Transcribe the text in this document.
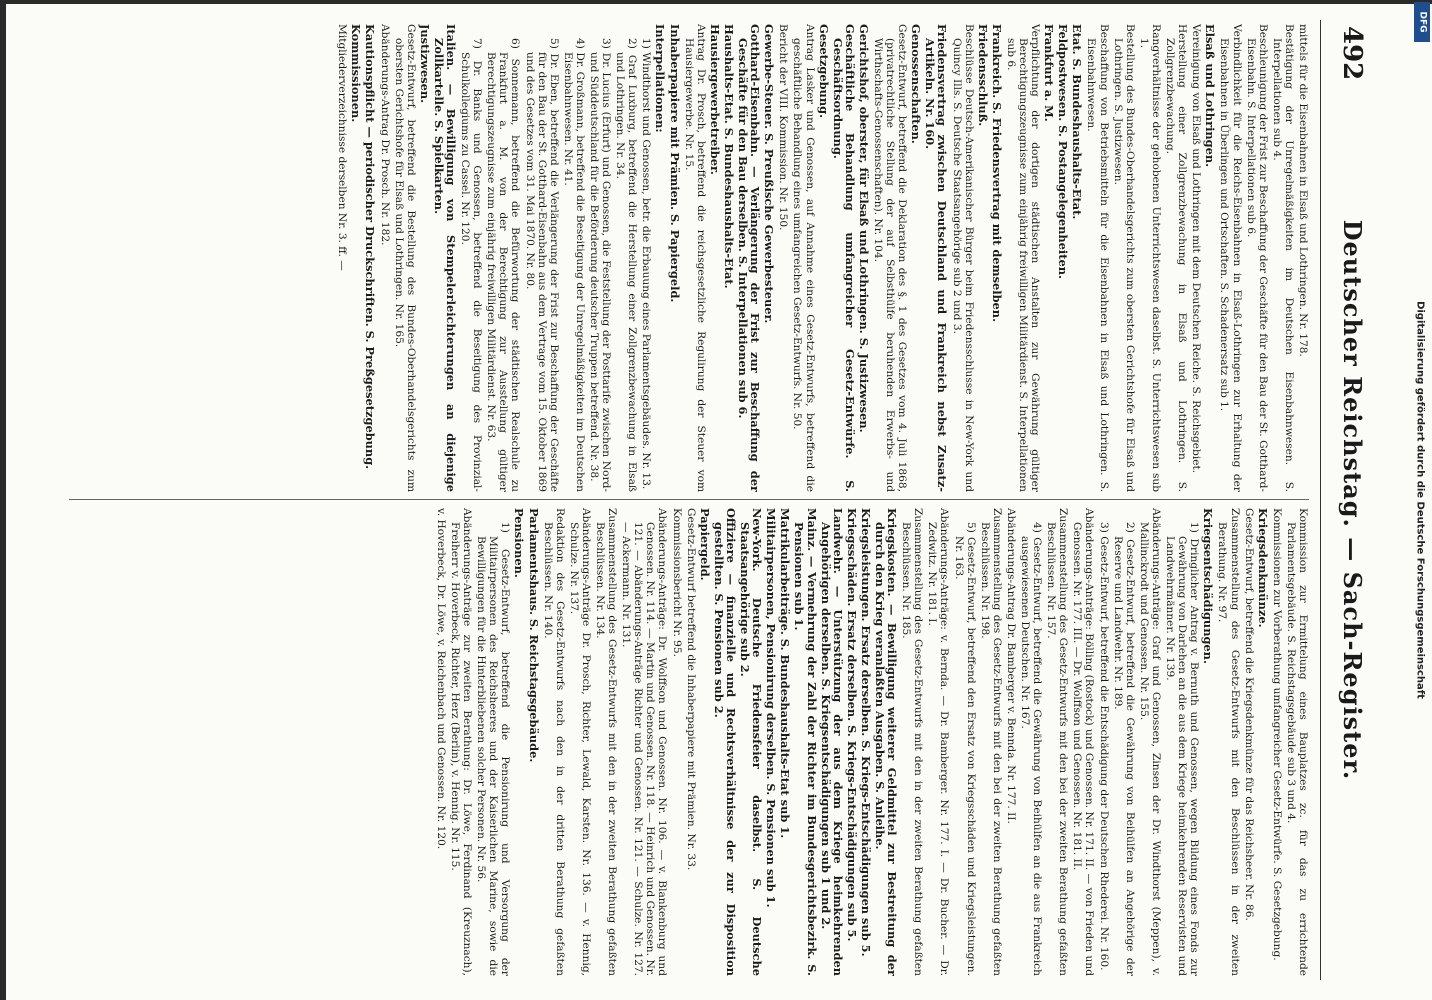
DFG
Digitalisierung gefördert durch die Deutsche Forschungsgemeinschaft
492
Deutscher Reichstag. — Sach-Register.

mittels für die Eisenbahnen in Elsaß und Lothringen. Nr. 178.

Bestätigung der Unregelmäßigkeiten im Deutschen Eisenbahnwesen. S. Interpellationen sub 4.

Beschleunigung der Frist zur Beschaffung der Geschäfte für den Bau der St. Gotthard-Eisenbahn. S. Interpellationen sub 6.

Verbindlichkeit für die Reichs-Eisenbahnen in Elsaß-Lothringen zur Erhaltung der Eisenbahnen in Überlingen und Ortschaften. S. Schadenersatz sub 1.

Elsaß und Lothringen.

Vereinigung von Elsaß und Lothringen mit dem Deutschen Reiche. S. Reichsgebiet.

Herstellung einer Zollgrenzbewachung in Elsaß und Lothringen. S. Zollgrenzbewachung.

Rangverhältnisse der gehobenen Unterrichtswesen daselbst. S. Unterrichtswesen sub 1.

Bestellung des Bundes-Oberhandelsgerichts zum obersten Gerichtshofe für Elsaß und Lothringen. S. Justizwesen.

Beschaffung von Betriebsmitteln für die Eisenbahnen in Elsaß und Lothringen. S. Eisenbahnwesen.

Etat. S. Bundeshaushalts-Etat.

Feldpostwesen. S. Postangelegenheiten.

Frankfurt a. M.

Verpflichtung der dortigen städtischen Anstalten zur Gewährung gültiger Berechtigungszeugnisse zum einjährig freiwilligen Militärdienst. S. Interpellationen sub 6.

Frankreich. S. Friedensvertrag mit demselben.

Friedensschluß.

Beschlüsse Deutsch-Amerikanischer Bürger beim Friedensschlusse in New-York und Quincy Ills. S. Deutsche Staatsangehörige sub 2 und 3.

Friedensvertrag zwischen Deutschland und Frankreich nebst Zusatz-Artikeln. Nr. 160.

Genossenschaften.

Gesetz-Entwurf, betreffend die Deklaration des §. 1 des Gesetzes vom 4. Juli 1868, (privatrechtliche Stellung der auf Selbsthülfe beruhenden Erwerbs- und Wirthschafts-Genossenschaften). Nr. 104.

Gerichtshof, oberster, für Elsaß und Lothringen. S. Justizwesen.

Geschäftliche Behandlung umfangreicher Gesetz-Entwürfe. S. Geschäftsordnung.

Gesetzgebung.

Antrag Lasker und Genossen, auf Annahme eines Gesetz-Entwurfs, betreffend die geschäftliche Behandlung eines umfangreichen Gesetz-Entwurfs. Nr. 50.

Bericht der VIII. Kommission. Nr. 150.

Gewerbe-Steuer. S. Preußische Gewerbesteuer.

Gotthard-Eisenbahn. — Verlängerung der Frist zur Beschaffung der Geschäfte für den Bau derselben. S. Interpellationen sub 6.

Haushalts-Etat. S. Bundeshaushalts-Etat.

Hausiergewerbetreiber.

Antrag Dr. Prosch, betreffend die reichsgesetzliche Regulirung der Steuer vom Hausiergewerbe. Nr. 15.

Inhaberpapiere mit Prämien. S. Papiergeld.

Interpellationen:

1) Windthorst und Genossen, betr. die Erbauung eines Parlamentsgebäudes. Nr. 13.

2) Graf Luxburg, betreffend die Herstellung einer Zollgrenzbewachung in Elsaß und Lothringen. Nr. 34.

3) Dr. Lucius (Erfurt) und Genossen, die Feststellung der Posttarife zwischen Nord- und Süddeutschland für die Beförderung deutscher Truppen betreffend. Nr. 38.

4) Dr. Großmann, betreffend die Beseitigung der Unregelmäßigkeiten im Deutschen Eisenbahnwesen. Nr. 41.

5) Dr. Eben, betreffend die Verlängerung der Frist zur Beschaffung der Geschäfte für den Bau der St. Gotthard-Eisenbahn aus dem Vertrage vom 15. Oktober 1869 und des Gesetzes vom 31. Mai 1870. Nr. 80.

6) Sonnemann, betreffend die Befürwortung der städtischen Realschule zu Frankfurt a. M. von der Berechtigung zur Ausstellung gültiger Berechtigungszeugnisse zum einjährig freiwilligen Militärdienst. Nr. 63.

7) Dr. Banks und Genossen, betreffend die Beseitigung des Provinzial-Schulkollegiums zu Cassel. Nr. 120.

Italien. — Bewilligung von Stempelerleichterungen an diejenige Zollkartelle. S. Spielkarten.

Justizwesen.

Gesetz-Entwurf, betreffend die Bestellung des Bundes-Oberhandelsgerichts zum obersten Gerichtshofe für Elsaß und Lothringen. Nr. 165.

Abänderungs-Antrag Dr. Prosch. Nr. 182.

Kautionspflicht — periodischer Druckschriften. S. Preßgesetzgebung.

Kommissionen.

Mitgliederverzeichnisse derselben Nr. 3. ff. —

Kommission zur Ermittelung eines Bauplatzes zc. für das zu errichtende Parlamentsgebäude. S. Reichstagsgebäude sub 3 und 4.

Kommissionen zur Vorberathung umfangreicher Gesetz-Entwürfe. S. Gesetzgebung.

Kriegsdenkmünze.

Gesetz-Entwurf, betreffend die Kriegsdenkmünze für das Reichsheer. Nr. 86.

Zusammenstellung des Gesetz-Entwurfs mit den Beschlüssen in der zweiten Berathung. Nr. 97.

Kriegsentschädigungen.

1) Dringlicher Antrag v. Bernuth und Genossen, wegen Bildung eines Fonds zur Gewährung von Darlehen an die aus dem Kriege heimkehrenden Reservisten und Landwehrmänner. Nr. 139.

Abänderungs-Anträge: Graf und Genossen, Zinsen der Dr. Windthorst (Meppen), v. Mallinckrodt und Genossen. Nr. 155.

2) Gesetz-Entwurf, betreffend die Gewährung von Beihülfen an Angehörige der Reserve und Landwehr. Nr. 189.

3) Gesetz-Entwurf, betreffend die Entschädigung der Deutschen Rhederei. Nr. 160.

Abänderungs-Anträge: Bölling (Rostock) und Genossen. Nr. 171. II. — von Frieden und Genossen. Nr. 177. III. — Dr. Wolffson und Genossen. Nr. 181. II.

Zusammenstellung des Gesetz-Entwurfs mit den bei der zweiten Berathung gefaßten Beschlüssen. Nr. 157.

4) Gesetz-Entwurf, betreffend die Gewährung von Beihülfen an die aus Frankreich ausgewiesenen Deutschen. Nr. 167.

Abänderungs-Antrag Dr. Bamberger v. Bennda. Nr. 177. II.

Zusammenstellung des Gesetz-Entwurfs mit den bei der zweiten Berathung gefaßten Beschlüssen. Nr. 198.

5) Gesetz-Entwurf, betreffend den Ersatz von Kriegsschäden und Kriegsleistungen. Nr. 163.

Abänderungs-Anträge: v. Bernda. — Dr. Bamberger. Nr. 177. I. — Dr. Bucher. — Dr. Zedwitz. Nr. 181. I.

Zusammenstellung des Gesetz-Entwurfs mit den in der zweiten Berathung gefaßten Beschlüssen. Nr. 185.

Kriegskosten. — Bewilligung weiterer Geldmittel zur Bestreitung der durch den Krieg veranlaßten Ausgaben. S. Anleihe.

Kriegsleistungen. Ersatz derselben. S. Kriegs-Entschädigungen sub 5.

Kriegsschäden. Ersatz derselben. S. Kriegs-Entschädigungen sub 5.

Landwehr. — Unterstützung der aus dem Kriege heimkehrenden Angehörigen derselben. S. Kriegsentschädigungen sub 1 und 2.

Mainz. — Vermehrung der Zahl der Richter im Bundesgerichtsbezirk. S. Pensionen sub 1.

Matrikularbeiträge. S. Bundeshaushalts-Etat sub 1.

Militairpersonen, Pensionirung derselben. S. Pensionen sub 1.

New-York. Deutsche Friedensfeier daselbst. S. Deutsche Staatsangehörige sub 2.

Offiziere — finanzielle und Rechtsverhältnisse der zur Disposition gestellten. S. Pensionen sub 2.

Papiergeld.

Gesetz-Entwurf betreffend die Inhaberpapiere mit Prämien. Nr. 33.

Kommissionsbericht Nr. 95.

Abänderungs-Anträge: Dr. Wolffson und Genossen. Nr. 106. — v. Blankenburg und Genossen. Nr. 114. — Martin und Genossen. Nr. 118. — Heinrich und Genossen. Nr. 121. — Abänderungs-Anträge Richter und Genossen. Nr. 121. — Schulze. Nr. 127. — Ackermann. Nr. 131.

Zusammenstellung des Gesetz-Entwurfs mit den in der zweiten Berathung gefaßten Beschlüssen. Nr. 134.

Abänderungs-Anträge Dr. Prosch, Richter, Lewald, Karsten. Nr. 136. — v. Hennig, Schulze. Nr. 137.

Redaktion des Gesetz-Entwurfs nach den in der dritten Berathung gefaßten Beschlüssen. Nr. 140.

Parlamentshaus. S. Reichstagsgebäude.

Pensionen.

1) Gesetz-Entwurf, betreffend die Pensionirung und Versorgung der Militairpersonen des Reichsheeres und der Kaiserlichen Marine, sowie die Bewilligungen für die Hinterbliebenen solcher Personen. Nr. 56.

Abänderungs-Anträge zur zweiten Berathung: Dr. Löwe, Ferdinand (Kreuznach), Freiherr v. Hoverbeck, Richter, Herz (Berlin), v. Hennig. Nr. 115.

v. Hoverbeck, Dr. Löwe, v. Reichenbach und Genossen. Nr. 120.
